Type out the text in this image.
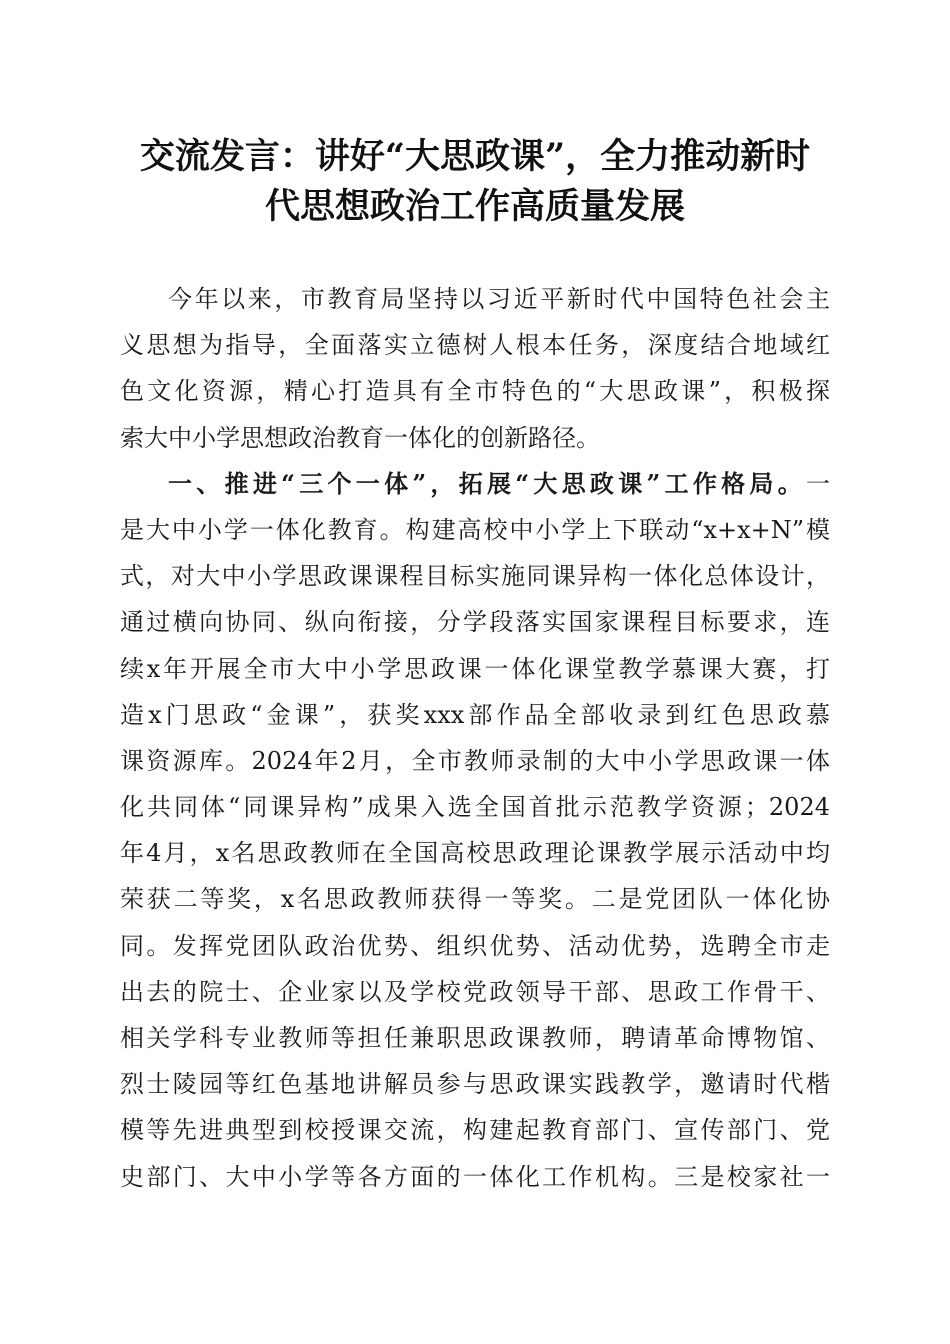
交流发言：讲好“大思政课”，全力推动新时
代思想政治工作高质量发展
今年以来，市教育局坚持以习近平新时代中国特色社会主
义思想为指导，全面落实立德树人根本任务，深度结合地域红
色文化资源，精心打造具有全市特色的“大思政课”，积极探
索大中小学思想政治教育一体化的创新路径。
一、推进“三个一体”，拓展“大思政课”工作格局。一
是大中小学一体化教育。构建高校中小学上下联动“x+x+N”模
式，对大中小学思政课课程目标实施同课异构一体化总体设计，
通过横向协同、纵向衔接，分学段落实国家课程目标要求，连
续x年开展全市大中小学思政课一体化课堂教学慕课大赛，打
造x门思政“金课”，获奖xxx部作品全部收录到红色思政慕
课资源库。2024年2月，全市教师录制的大中小学思政课一体
化共同体“同课异构”成果入选全国首批示范教学资源；2024
年4月，x名思政教师在全国高校思政理论课教学展示活动中均
荣获二等奖，x名思政教师获得一等奖。二是党团队一体化协
同。发挥党团队政治优势、组织优势、活动优势，选聘全市走
出去的院士、企业家以及学校党政领导干部、思政工作骨干、
相关学科专业教师等担任兼职思政课教师，聘请革命博物馆、
烈士陵园等红色基地讲解员参与思政课实践教学，邀请时代楷
模等先进典型到校授课交流，构建起教育部门、宣传部门、党
史部门、大中小学等各方面的一体化工作机构。三是校家社一
